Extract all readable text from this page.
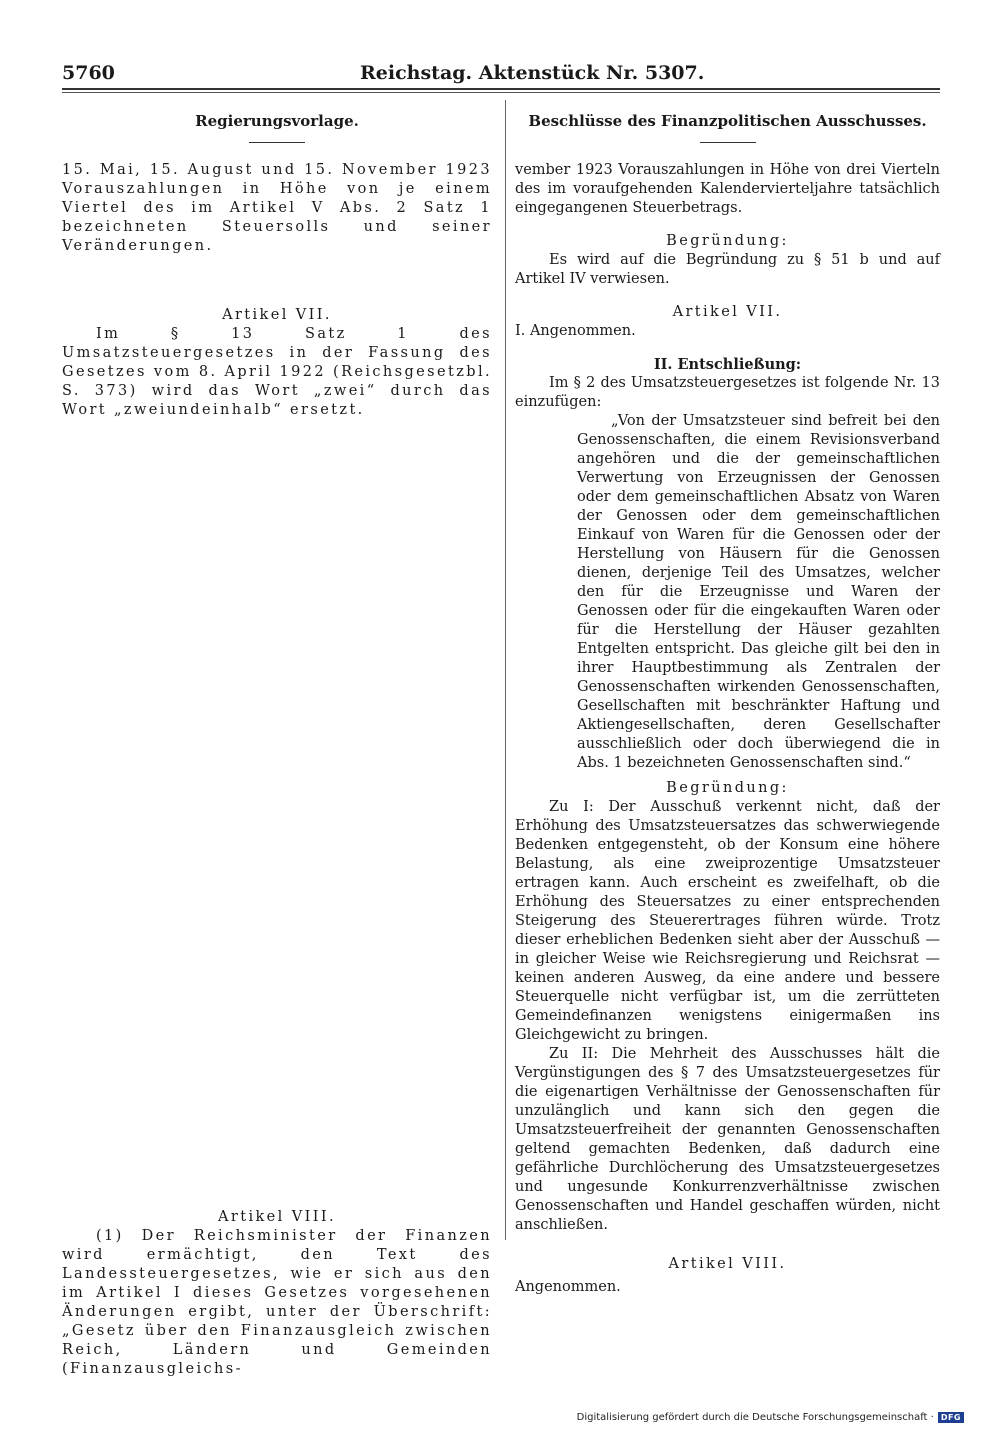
5760	Reichstag. Aktenstück Nr. 5307.
Regierungsvorlage.

15. Mai, 15. August und 15. November 1923 Vorauszahlungen in Höhe von je einem Viertel des im Artikel V Abs. 2 Satz 1 bezeichneten Steuersolls und seiner Veränderungen.

Artikel VII.

Im § 13 Satz 1 des Umsatzsteuergesetzes in der Fassung des Gesetzes vom 8. April 1922 (Reichsgesetzbl. S. 373) wird das Wort „zwei“ durch das Wort „zweiundeinhalb“ ersetzt.

Artikel VIII.

(1) Der Reichsminister der Finanzen wird ermächtigt, den Text des Landessteuergesetzes, wie er sich aus den im Artikel I dieses Gesetzes vorgesehenen Änderungen ergibt, unter der Überschrift: „Gesetz über den Finanzausgleich zwischen Reich, Ländern und Gemeinden (Finanzausgleichs-

Beschlüsse des Finanzpolitischen Ausschusses.

vember 1923 Vorauszahlungen in Höhe von drei Vierteln des im voraufgehenden Kalendervierteljahre tatsächlich eingegangenen Steuerbetrags.

Begründung:

Es wird auf die Begründung zu § 51 b und auf Artikel IV verwiesen.

Artikel VII.

I. Angenommen.

II. Entschließung:

Im § 2 des Umsatzsteuergesetzes ist folgende Nr. 13 einzufügen:

„Von der Umsatzsteuer sind befreit bei den Genossenschaften, die einem Revisionsverband angehören und die der gemeinschaftlichen Verwertung von Erzeugnissen der Genossen oder dem gemeinschaftlichen Absatz von Waren der Genossen oder dem gemeinschaftlichen Einkauf von Waren für die Genossen oder der Herstellung von Häusern für die Genossen dienen, derjenige Teil des Umsatzes, welcher den für die Erzeugnisse und Waren der Genossen oder für die eingekauften Waren oder für die Herstellung der Häuser gezahlten Entgelten entspricht. Das gleiche gilt bei den in ihrer Hauptbestimmung als Zentralen der Genossenschaften wirkenden Genossenschaften, Gesellschaften mit beschränkter Haftung und Aktiengesellschaften, deren Gesellschafter ausschließlich oder doch überwiegend die in Abs. 1 bezeichneten Genossenschaften sind.“

Begründung:

Zu I: Der Ausschuß verkennt nicht, daß der Erhöhung des Umsatzsteuersatzes das schwerwiegende Bedenken entgegensteht, ob der Konsum eine höhere Belastung, als eine zweiprozentige Umsatzsteuer ertragen kann. Auch erscheint es zweifelhaft, ob die Erhöhung des Steuersatzes zu einer entsprechenden Steigerung des Steuerertrages führen würde. Trotz dieser erheblichen Bedenken sieht aber der Ausschuß — in gleicher Weise wie Reichsregierung und Reichsrat — keinen anderen Ausweg, da eine andere und bessere Steuerquelle nicht verfügbar ist, um die zerrütteten Gemeindefinanzen wenigstens einigermaßen ins Gleichgewicht zu bringen.

Zu II: Die Mehrheit des Ausschusses hält die Vergünstigungen des § 7 des Umsatzsteuergesetzes für die eigenartigen Verhältnisse der Genossenschaften für unzulänglich und kann sich den gegen die Umsatzsteuerfreiheit der genannten Genossenschaften geltend gemachten Bedenken, daß dadurch eine gefährliche Durchlöcherung des Umsatzsteuergesetzes und ungesunde Konkurrenzverhältnisse zwischen Genossenschaften und Handel geschaffen würden, nicht anschließen.

Artikel VIII.

Angenommen.

Digitalisierung gefördert durch die Deutsche Forschungsgemeinschaft · DFG
